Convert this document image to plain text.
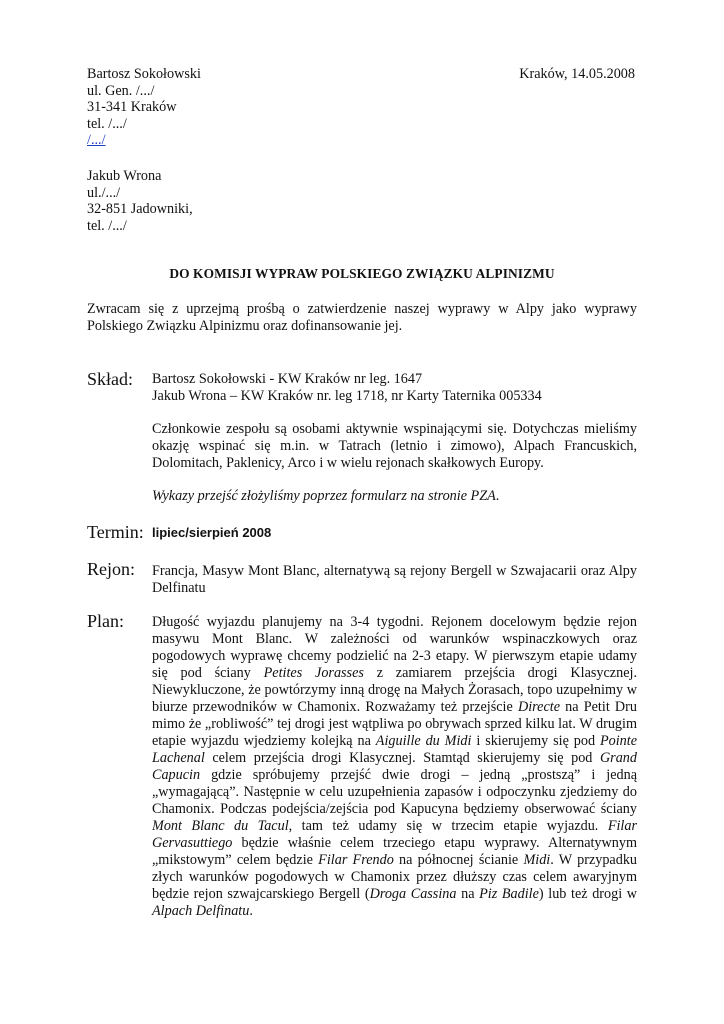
Bartosz Sokołowski
ul. Gen. /.../
31-341 Kraków
tel. /.../
/.../
Kraków, 14.05.2008
Jakub Wrona
ul./.../
32-851 Jadowniki,
tel. /.../
DO KOMISJI WYPRAW POLSKIEGO ZWIĄZKU ALPINIZMU
Zwracam się z uprzejmą prośbą o zatwierdzenie naszej wyprawy w Alpy jako wyprawy Polskiego Związku Alpinizmu oraz dofinansowanie jej.
Skład: Bartosz Sokołowski - KW Kraków nr leg. 1647
Jakub Wrona – KW Kraków nr. leg 1718, nr Karty Taternika 005334
Członkowie zespołu są osobami aktywnie wspinającymi się. Dotychczas mieliśmy okazję wspinać się m.in. w Tatrach (letnio i zimowo), Alpach Francuskich, Dolomitach, Paklenicy, Arco i w wielu rejonach skałkowych Europy.
Wykazy przejść złożyliśmy poprzez formularz na stronie PZA.
Termin: lipiec/sierpień 2008
Rejon: Francja, Masyw Mont Blanc, alternatywą są rejony Bergell w Szwajacarii oraz Alpy Delfinatu
Plan: Długość wyjazdu planujemy na 3-4 tygodni. Rejonem docelowym będzie rejon masywu Mont Blanc. W zależności od warunków wspinaczkowych oraz pogodowych wyprawę chcemy podzielić na 2-3 etapy. W pierwszym etapie udamy się pod ściany Petites Jorasses z zamiarem przejścia drogi Klasycznej. Niewykluczone, że powtórzymy inną drogę na Małych Żorasach, topo uzupełnimy w biurze przewodników w Chamonix. Rozważamy też przejście Directe na Petit Dru mimo że „robliwość” tej drogi jest wątpliwa po obrywach sprzed kilku lat. W drugim etapie wyjazdu wjedziemy kolejką na Aiguille du Midi i skierujemy się pod Pointe Lachenal celem przejścia drogi Klasycznej. Stamtąd skierujemy się pod Grand Capucin gdzie spróbujemy przejść dwie drogi – jedną „prostszą” i jedną „wymagającą”. Następnie w celu uzupełnienia zapasów i odpoczynku zjedziemy do Chamonix. Podczas podejścia/zejścia pod Kapucyna będziemy obserwować ściany Mont Blanc du Tacul, tam też udamy się w trzecim etapie wyjazdu. Filar Gervasuttiego będzie właśnie celem trzeciego etapu wyprawy. Alternatywnym „mikstowym” celem będzie Filar Frendo na północnej ścianie Midi. W przypadku złych warunków pogodowych w Chamonix przez dłuższy czas celem awaryjnym będzie rejon szwajcarskiego Bergell (Droga Cassina na Piz Badile) lub też drogi w Alpach Delfinatu.
